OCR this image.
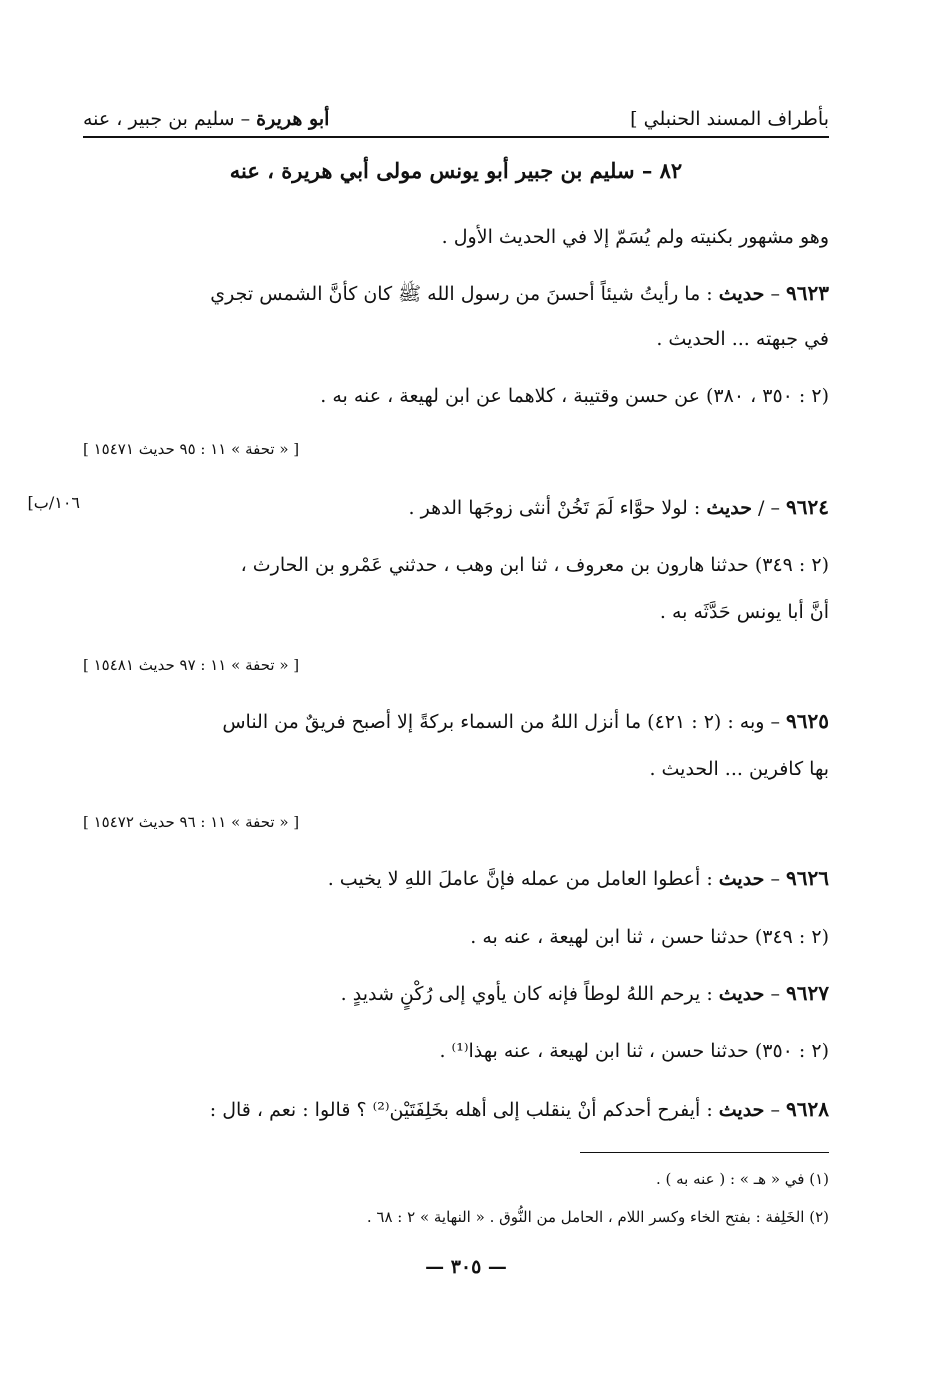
بأطراف المسند الحنبلي ]
أبو هريرة – سليم بن جبير ، عنه
٨٢ – سليم بن جبير أبو يونس مولى أبي هريرة ، عنه
وهو مشهور بكنيته ولم يُسَمّ إلا في الحديث الأول .
٩٦٢٣ – حديث : ما رأيتُ شيئاً أحسنَ من رسول الله ﷺ كان كأنَّ الشمس تجري
في جبهته ... الحديث .
(٢ : ٣٥٠ ، ٣٨٠) عن حسن وقتيبة ، كلاهما عن ابن لهيعة ، عنه به .
[ « تحفة » ١١ : ٩٥ حديث ١٥٤٧١ ]
[١٠٦/ب	٩٦٢٤ – / حديث : لولا حوَّاء لَمَ تَخُنْ أنثى زوجَها الدهر .
(٢ : ٣٤٩) حدثنا هارون بن معروف ، ثنا ابن وهب ، حدثني عَمْرو بن الحارث ،
أنَّ أبا يونس حَدَّثَه به .
[ « تحفة » ١١ : ٩٧ حديث ١٥٤٨١ ]
٩٦٢٥ – وبه : (٢ : ٤٢١) ما أنزل اللهُ من السماء بركةً إلا أصبح فريقٌ من الناس
بها كافرين ... الحديث .
[ « تحفة » ١١ : ٩٦ حديث ١٥٤٧٢ ]
٩٦٢٦ – حديث : أعطوا العامل من عمله فإنَّ عاملَ اللهِ لا يخيب .
(٢ : ٣٤٩) حدثنا حسن ، ثنا ابن لهيعة ، عنه به .
٩٦٢٧ – حديث : يرحم اللهُ لوطاً فإنه كان يأوي إلى رُكْنٍ شديدٍ .
(٢ : ٣٥٠) حدثنا حسن ، ثنا ابن لهيعة ، عنه بهذا⁽¹⁾ .
٩٦٢٨ – حديث : أيفرح أحدكم أنْ ينقلب إلى أهله بخَلِفَتَيْن⁽²⁾ ؟ قالوا : نعم ، قال :
(١) في « هـ » : ( عنه به ) .
(٢) الخَلِفة : بفتح الخاء وكسر اللام ، الحامل من النُّوق . « النهاية » ٢ : ٦٨ .
— ٣٠٥ —
